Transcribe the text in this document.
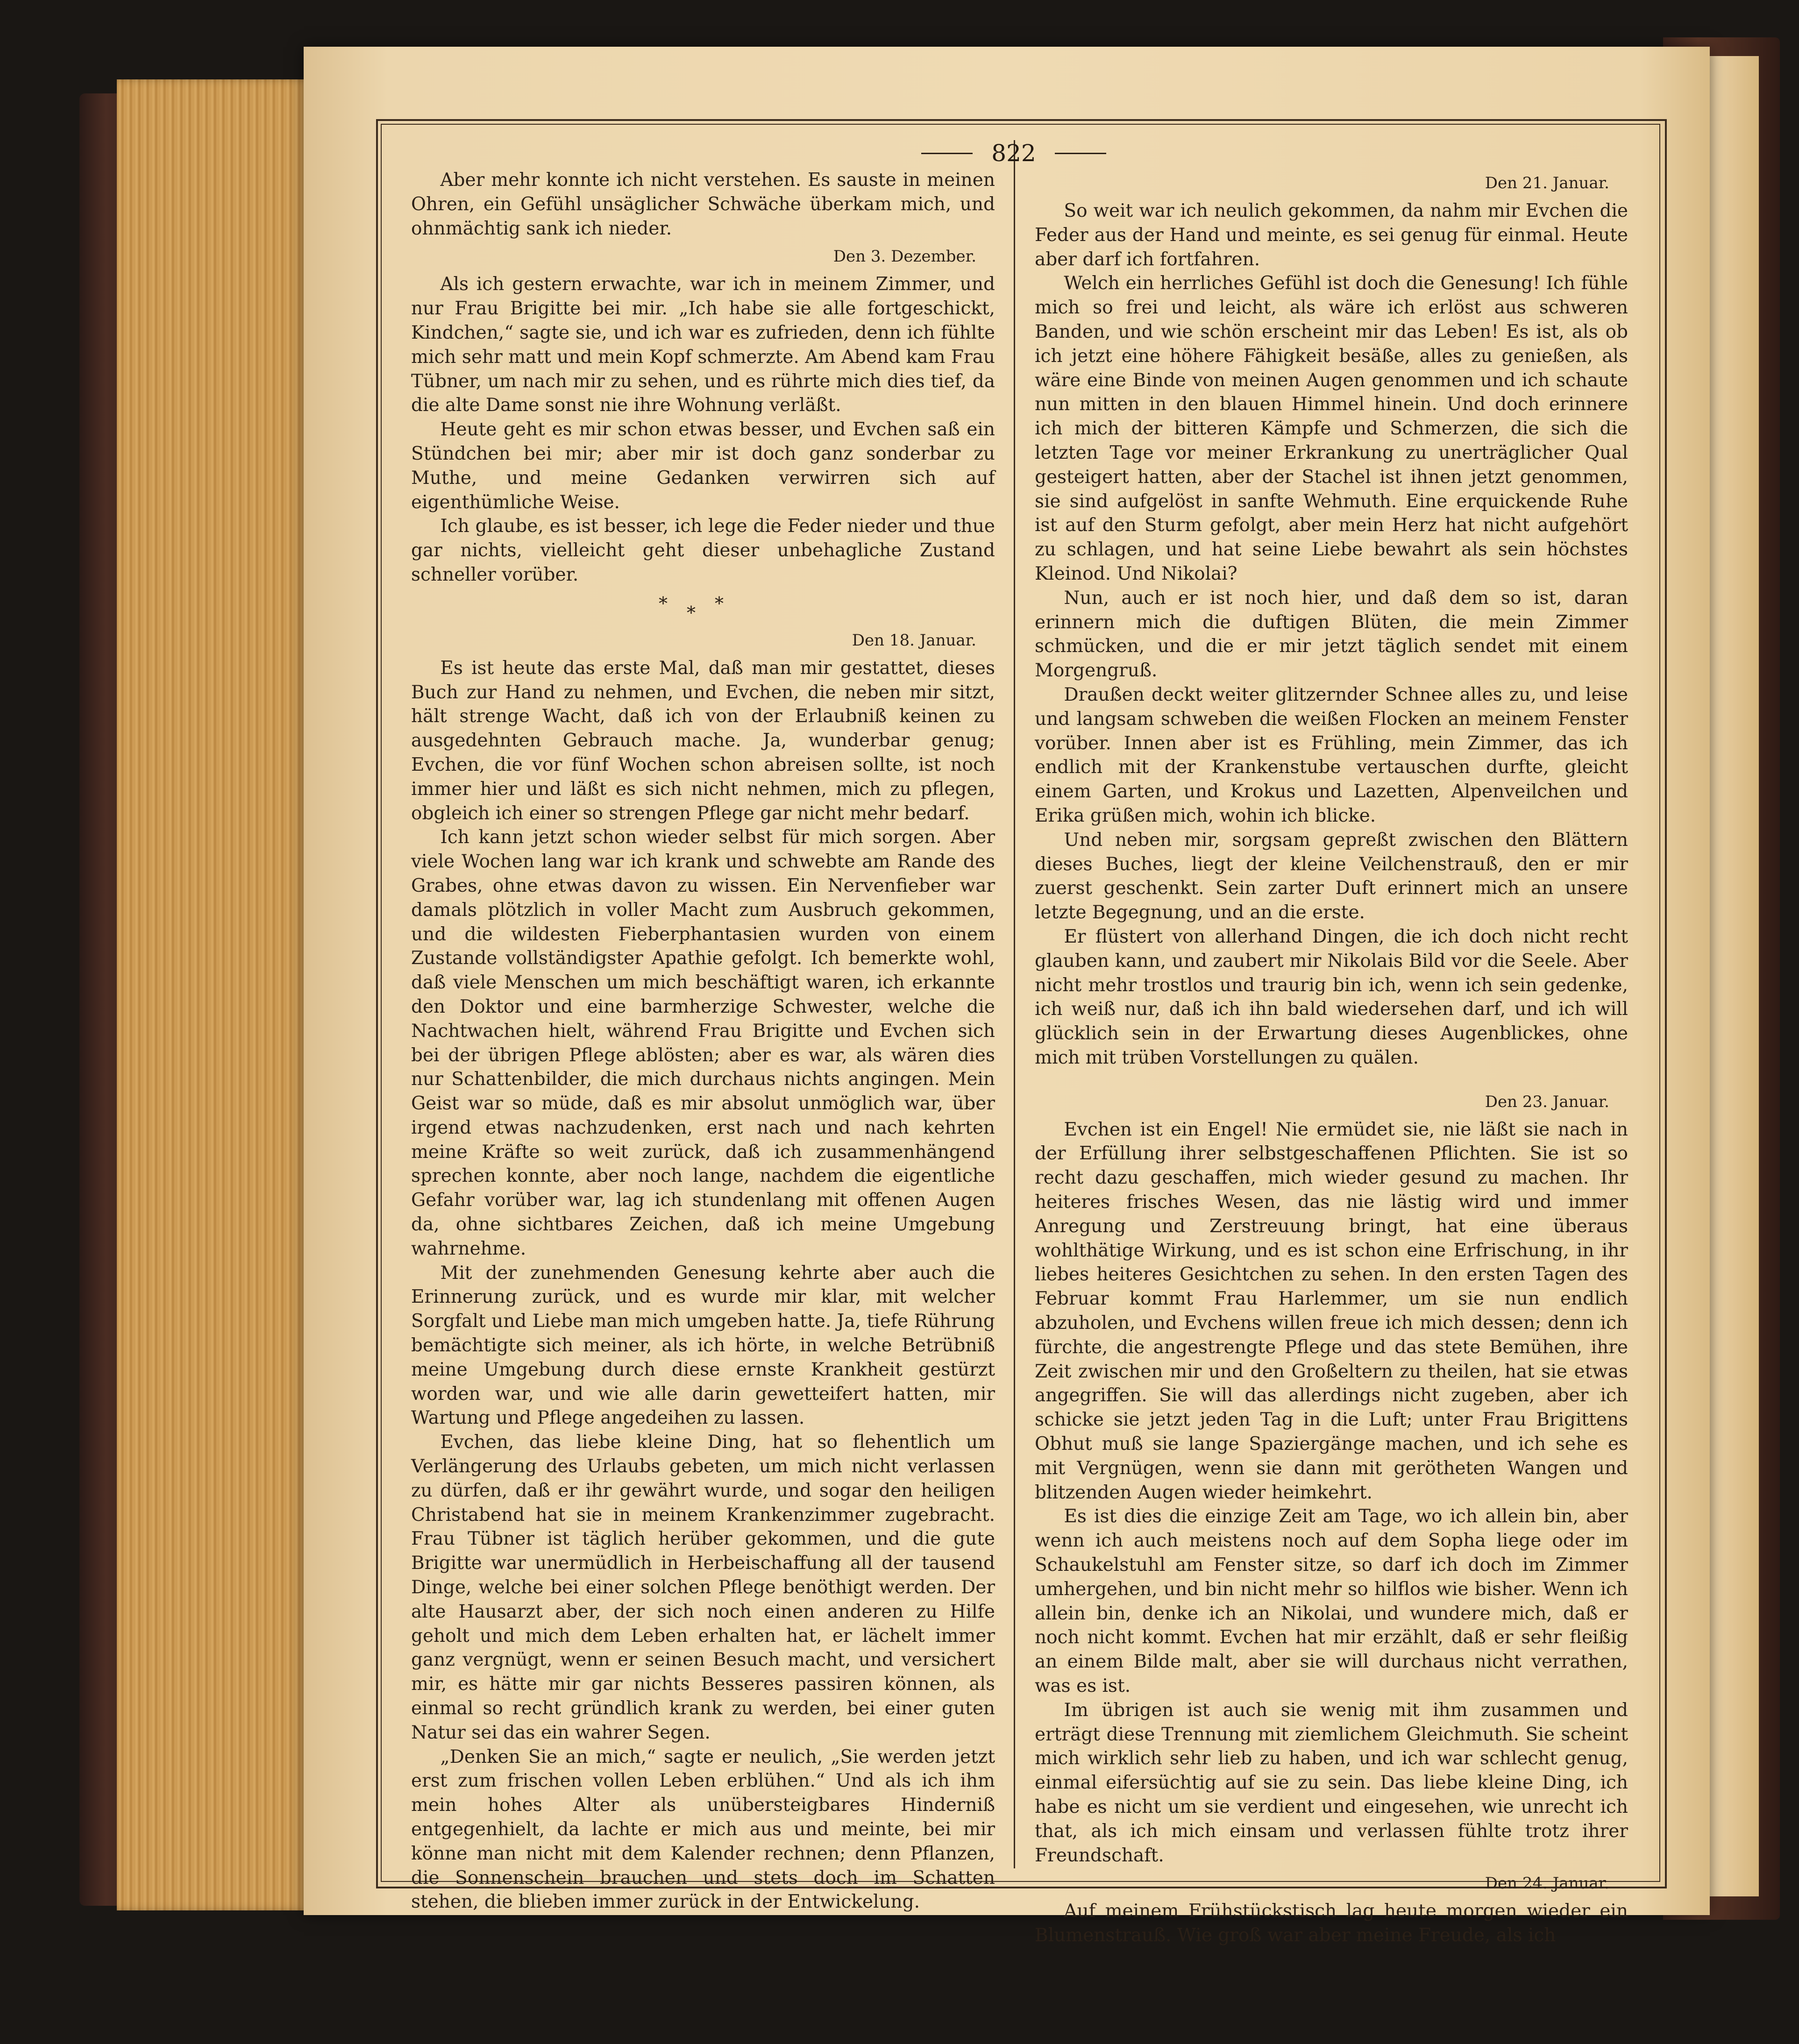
822

Aber mehr konnte ich nicht verstehen. Es sauste in meinen Ohren, ein Gefühl unsäglicher Schwäche überkam mich, und ohnmächtig sank ich nieder.

Den 3. Dezember.

Als ich gestern erwachte, war ich in meinem Zimmer, und nur Frau Brigitte bei mir. „Ich habe sie alle fortgeschickt, Kindchen,“ sagte sie, und ich war es zufrieden, denn ich fühlte mich sehr matt und mein Kopf schmerzte. Am Abend kam Frau Tübner, um nach mir zu sehen, und es rührte mich dies tief, da die alte Dame sonst nie ihre Wohnung verläßt.

Heute geht es mir schon etwas besser, und Evchen saß ein Stündchen bei mir; aber mir ist doch ganz sonderbar zu Muthe, und meine Gedanken verwirren sich auf eigenthümliche Weise.

Ich glaube, es ist besser, ich lege die Feder nieder und thue gar nichts, vielleicht geht dieser unbehagliche Zustand schneller vorüber.

* * *
Den 18. Januar.

Es ist heute das erste Mal, daß man mir gestattet, dieses Buch zur Hand zu nehmen, und Evchen, die neben mir sitzt, hält strenge Wacht, daß ich von der Erlaubniß keinen zu ausgedehnten Gebrauch mache. Ja, wunderbar genug; Evchen, die vor fünf Wochen schon abreisen sollte, ist noch immer hier und läßt es sich nicht nehmen, mich zu pflegen, obgleich ich einer so strengen Pflege gar nicht mehr bedarf.

Ich kann jetzt schon wieder selbst für mich sorgen. Aber viele Wochen lang war ich krank und schwebte am Rande des Grabes, ohne etwas davon zu wissen. Ein Nervenfieber war damals plötzlich in voller Macht zum Ausbruch gekommen, und die wildesten Fieberphantasien wurden von einem Zustande vollständigster Apathie gefolgt. Ich bemerkte wohl, daß viele Menschen um mich beschäftigt waren, ich erkannte den Doktor und eine barmherzige Schwester, welche die Nachtwachen hielt, während Frau Brigitte und Evchen sich bei der übrigen Pflege ablösten; aber es war, als wären dies nur Schattenbilder, die mich durchaus nichts angingen. Mein Geist war so müde, daß es mir absolut unmöglich war, über irgend etwas nachzudenken, erst nach und nach kehrten meine Kräfte so weit zurück, daß ich zusammenhängend sprechen konnte, aber noch lange, nachdem die eigentliche Gefahr vorüber war, lag ich stundenlang mit offenen Augen da, ohne sichtbares Zeichen, daß ich meine Umgebung wahrnehme.

Mit der zunehmenden Genesung kehrte aber auch die Erinnerung zurück, und es wurde mir klar, mit welcher Sorgfalt und Liebe man mich umgeben hatte. Ja, tiefe Rührung bemächtigte sich meiner, als ich hörte, in welche Betrübniß meine Umgebung durch diese ernste Krankheit gestürzt worden war, und wie alle darin gewetteifert hatten, mir Wartung und Pflege angedeihen zu lassen.

Evchen, das liebe kleine Ding, hat so flehentlich um Verlängerung des Urlaubs gebeten, um mich nicht verlassen zu dürfen, daß er ihr gewährt wurde, und sogar den heiligen Christabend hat sie in meinem Krankenzimmer zugebracht. Frau Tübner ist täglich herüber gekommen, und die gute Brigitte war unermüdlich in Herbeischaffung all der tausend Dinge, welche bei einer solchen Pflege benöthigt werden. Der alte Hausarzt aber, der sich noch einen anderen zu Hilfe geholt und mich dem Leben erhalten hat, er lächelt immer ganz vergnügt, wenn er seinen Besuch macht, und versichert mir, es hätte mir gar nichts Besseres passiren können, als einmal so recht gründlich krank zu werden, bei einer guten Natur sei das ein wahrer Segen.

„Denken Sie an mich,“ sagte er neulich, „Sie werden jetzt erst zum frischen vollen Leben erblühen.“ Und als ich ihm mein hohes Alter als unübersteigbares Hinderniß entgegenhielt, da lachte er mich aus und meinte, bei mir könne man nicht mit dem Kalender rechnen; denn Pflanzen, die Sonnenschein brauchen und stets doch im Schatten stehen, die blieben immer zurück in der Entwickelung.

Den 21. Januar.

So weit war ich neulich gekommen, da nahm mir Evchen die Feder aus der Hand und meinte, es sei genug für einmal. Heute aber darf ich fortfahren.

Welch ein herrliches Gefühl ist doch die Genesung! Ich fühle mich so frei und leicht, als wäre ich erlöst aus schweren Banden, und wie schön erscheint mir das Leben! Es ist, als ob ich jetzt eine höhere Fähigkeit besäße, alles zu genießen, als wäre eine Binde von meinen Augen genommen und ich schaute nun mitten in den blauen Himmel hinein. Und doch erinnere ich mich der bitteren Kämpfe und Schmerzen, die sich die letzten Tage vor meiner Erkrankung zu unerträglicher Qual gesteigert hatten, aber der Stachel ist ihnen jetzt genommen, sie sind aufgelöst in sanfte Wehmuth. Eine erquickende Ruhe ist auf den Sturm gefolgt, aber mein Herz hat nicht aufgehört zu schlagen, und hat seine Liebe bewahrt als sein höchstes Kleinod. Und Nikolai?

Nun, auch er ist noch hier, und daß dem so ist, daran erinnern mich die duftigen Blüten, die mein Zimmer schmücken, und die er mir jetzt täglich sendet mit einem Morgengruß.

Draußen deckt weiter glitzernder Schnee alles zu, und leise und langsam schweben die weißen Flocken an meinem Fenster vorüber. Innen aber ist es Frühling, mein Zimmer, das ich endlich mit der Krankenstube vertauschen durfte, gleicht einem Garten, und Krokus und Lazetten, Alpenveilchen und Erika grüßen mich, wohin ich blicke.

Und neben mir, sorgsam gepreßt zwischen den Blättern dieses Buches, liegt der kleine Veilchenstrauß, den er mir zuerst geschenkt. Sein zarter Duft erinnert mich an unsere letzte Begegnung, und an die erste.

Er flüstert von allerhand Dingen, die ich doch nicht recht glauben kann, und zaubert mir Nikolais Bild vor die Seele. Aber nicht mehr trostlos und traurig bin ich, wenn ich sein gedenke, ich weiß nur, daß ich ihn bald wiedersehen darf, und ich will glücklich sein in der Erwartung dieses Augenblickes, ohne mich mit trüben Vorstellungen zu quälen.

Den 23. Januar.

Evchen ist ein Engel! Nie ermüdet sie, nie läßt sie nach in der Erfüllung ihrer selbstgeschaffenen Pflichten. Sie ist so recht dazu geschaffen, mich wieder gesund zu machen. Ihr heiteres frisches Wesen, das nie lästig wird und immer Anregung und Zerstreuung bringt, hat eine überaus wohlthätige Wirkung, und es ist schon eine Erfrischung, in ihr liebes heiteres Gesichtchen zu sehen. In den ersten Tagen des Februar kommt Frau Harlemmer, um sie nun endlich abzuholen, und Evchens willen freue ich mich dessen; denn ich fürchte, die angestrengte Pflege und das stete Bemühen, ihre Zeit zwischen mir und den Großeltern zu theilen, hat sie etwas angegriffen. Sie will das allerdings nicht zugeben, aber ich schicke sie jetzt jeden Tag in die Luft; unter Frau Brigittens Obhut muß sie lange Spaziergänge machen, und ich sehe es mit Vergnügen, wenn sie dann mit gerötheten Wangen und blitzenden Augen wieder heimkehrt.

Es ist dies die einzige Zeit am Tage, wo ich allein bin, aber wenn ich auch meistens noch auf dem Sopha liege oder im Schaukelstuhl am Fenster sitze, so darf ich doch im Zimmer umhergehen, und bin nicht mehr so hilflos wie bisher. Wenn ich allein bin, denke ich an Nikolai, und wundere mich, daß er noch nicht kommt. Evchen hat mir erzählt, daß er sehr fleißig an einem Bilde malt, aber sie will durchaus nicht verrathen, was es ist.

Im übrigen ist auch sie wenig mit ihm zusammen und erträgt diese Trennung mit ziemlichem Gleichmuth. Sie scheint mich wirklich sehr lieb zu haben, und ich war schlecht genug, einmal eifersüchtig auf sie zu sein. Das liebe kleine Ding, ich habe es nicht um sie verdient und eingesehen, wie unrecht ich that, als ich mich einsam und verlassen fühlte trotz ihrer Freundschaft.

Den 24. Januar.

Auf meinem Frühstückstisch lag heute morgen wieder ein Blumenstrauß. Wie groß war aber meine Freude, als ich
